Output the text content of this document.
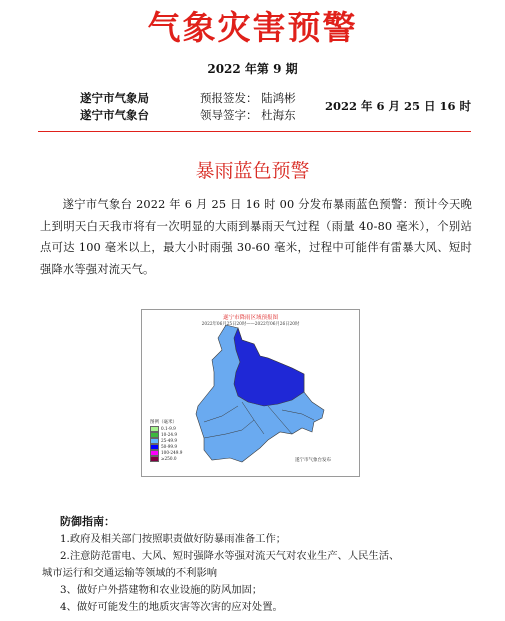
气象灾害预警
2022 年第 9 期
遂宁市气象局
遂宁市气象台
预报签发： 陆鸿彬
领导签字： 杜海东
2022 年 6 月 25 日 16 时
暴雨蓝色预警

遂宁市气象台 2022 年 6 月 25 日 16 时 00 分发布暴雨蓝色预警：预计今天晚上到明天白天我市将有一次明显的大雨到暴雨天气过程（雨量 40-80 毫米），个别站点可达 100 毫米以上，最大小时雨强 30-60 毫米，过程中可能伴有雷暴大风、短时强降水等强对流天气。

遂宁市降雨区域预报图
2022年06月25日20时——2022年06月26日20时
图例（毫米）
0.1-9.9
10-24.9
25-49.9
50-99.9
100-249.9
≥250.0	遂宁市气象台发布
防御指南：
1.政府及相关部门按照职责做好防暴雨准备工作；
2.注意防范雷电、大风、短时强降水等强对流天气对农业生产、人民生活、
城市运行和交通运输等领域的不利影响
3、做好户外搭建物和农业设施的防风加固；
4、做好可能发生的地质灾害等次害的应对处置。
